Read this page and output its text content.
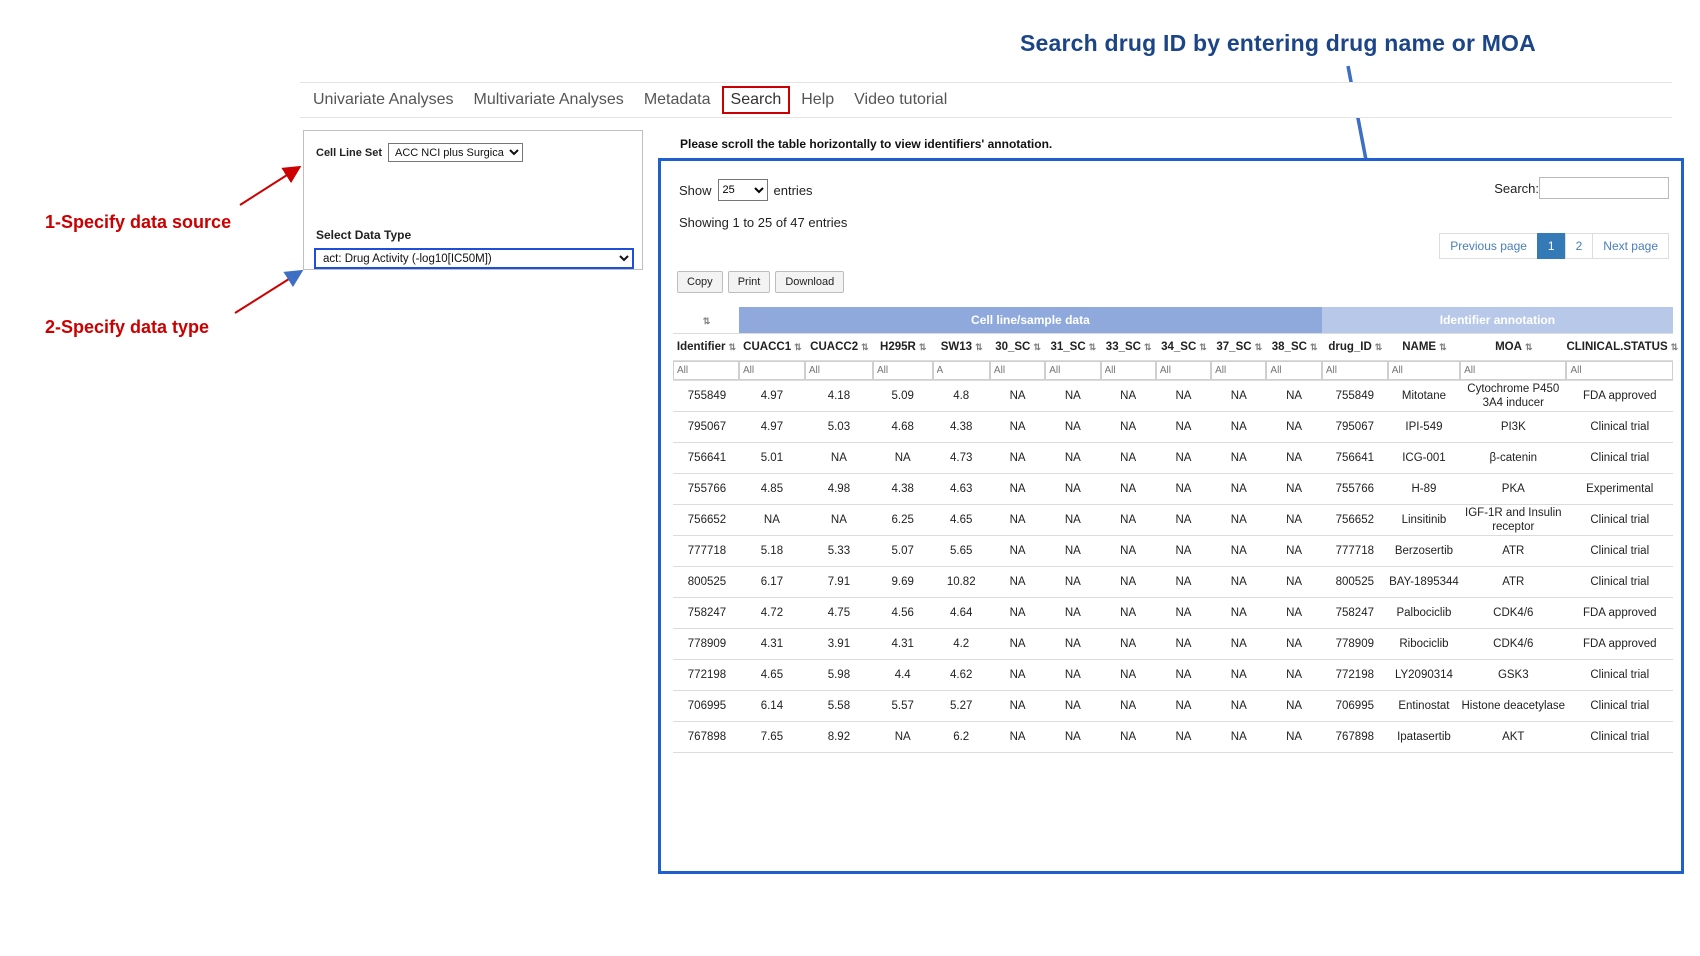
Search drug ID by entering drug name or MOA
1-Specify data source
2-Specify data type
Univariate Analyses	Multivariate Analyses	Metadata	Search	Help	Video tutorial
Cell Line Set
ACC NCI plus Surgical
Select Data Type
act: Drug Activity (-log10[IC50M])
Please scroll the table horizontally to view identifiers' annotation.
Show
25	entries
Showing 1 to 25 of 47 entries
Search:
Previous page	1	2	Next page
Copy	Print	Download
⇅	Cell line/sample data										Identifier annotation			
Identifier ⇅	CUACC1 ⇅	CUACC2 ⇅	H295R ⇅	SW13 ⇅	30_SC ⇅	31_SC ⇅	33_SC ⇅	34_SC ⇅	37_SC ⇅	38_SC ⇅	drug_ID ⇅	NAME ⇅	MOA ⇅	CLINICAL.STATUS ⇅
All	All	All	All	A	All	All	All	All	All	All	All	All	All	All
755849	4.97	4.18	5.09	4.8	NA	NA	NA	NA	NA	NA	755849	Mitotane	Cytochrome P450 3A4 inducer	FDA approved
795067	4.97	5.03	4.68	4.38	NA	NA	NA	NA	NA	NA	795067	IPI-549	PI3K	Clinical trial
756641	5.01	NA	NA	4.73	NA	NA	NA	NA	NA	NA	756641	ICG-001	β-catenin	Clinical trial
755766	4.85	4.98	4.38	4.63	NA	NA	NA	NA	NA	NA	755766	H-89	PKA	Experimental
756652	NA	NA	6.25	4.65	NA	NA	NA	NA	NA	NA	756652	Linsitinib	IGF-1R and Insulin receptor	Clinical trial
777718	5.18	5.33	5.07	5.65	NA	NA	NA	NA	NA	NA	777718	Berzosertib	ATR	Clinical trial
800525	6.17	7.91	9.69	10.82	NA	NA	NA	NA	NA	NA	800525	BAY-1895344	ATR	Clinical trial
758247	4.72	4.75	4.56	4.64	NA	NA	NA	NA	NA	NA	758247	Palbociclib	CDK4/6	FDA approved
778909	4.31	3.91	4.31	4.2	NA	NA	NA	NA	NA	NA	778909	Ribociclib	CDK4/6	FDA approved
772198	4.65	5.98	4.4	4.62	NA	NA	NA	NA	NA	NA	772198	LY2090314	GSK3	Clinical trial
706995	6.14	5.58	5.57	5.27	NA	NA	NA	NA	NA	NA	706995	Entinostat	Histone deacetylase	Clinical trial
767898	7.65	8.92	NA	6.2	NA	NA	NA	NA	NA	NA	767898	Ipatasertib	AKT	Clinical trial
